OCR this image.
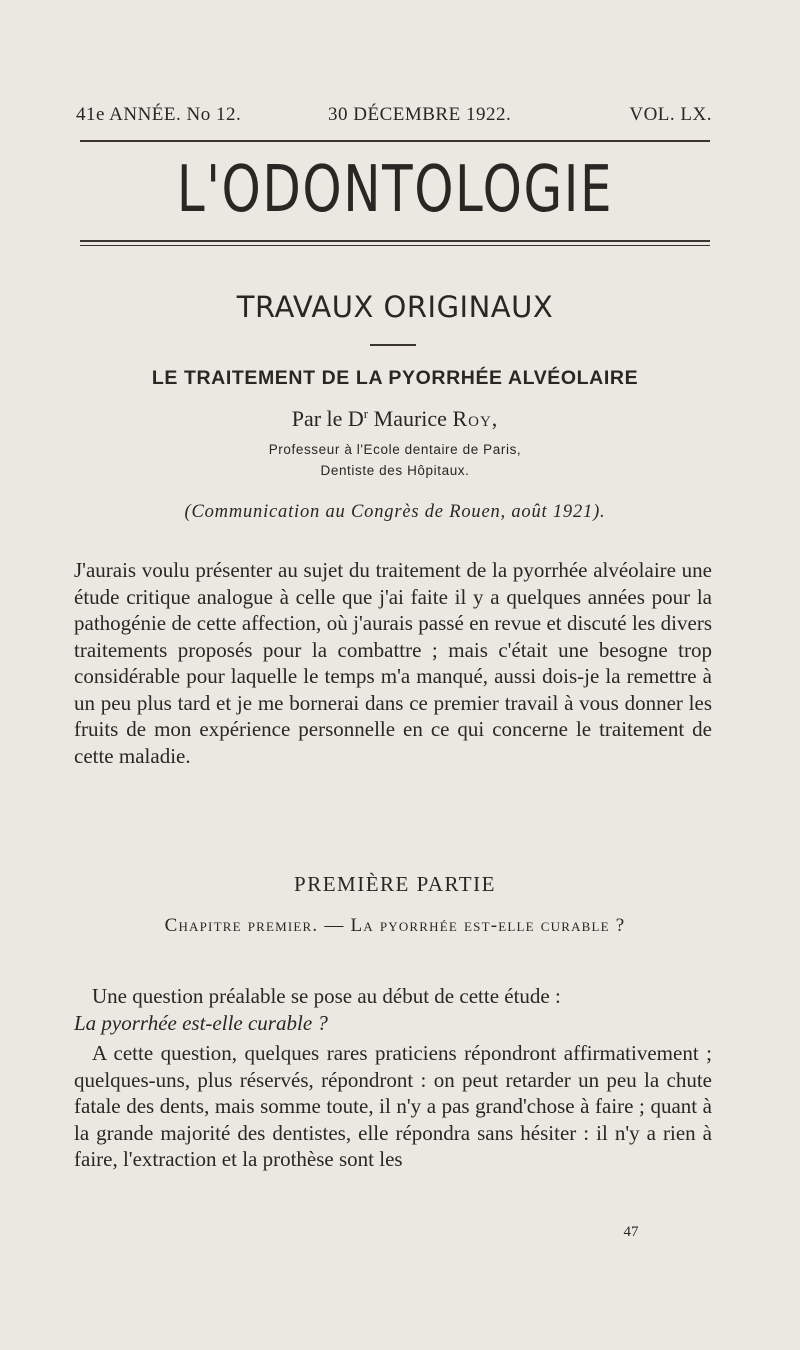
41e ANNÉE. No 12.	30 DÉCEMBRE 1922.	VOL. LX.
L'ODONTOLOGIE
TRAVAUX ORIGINAUX
LE TRAITEMENT DE LA PYORRHÉE ALVÉOLAIRE
Par le $D^r$ Maurice Roy,
Professeur à l'Ecole dentaire de Paris,
Dentiste des Hôpitaux.
(Communication au Congrès de Rouen, août 1921).
J'aurais voulu présenter au sujet du traitement de la pyorrhée alvéolaire une étude critique analogue à celle que j'ai faite il y a quelques années pour la pathogénie de cette affection, où j'aurais passé en revue et discuté les divers traitements proposés pour la combattre ; mais c'était une besogne trop considérable pour laquelle le temps m'a manqué, aussi dois-je la remettre à un peu plus tard et je me bornerai dans ce premier travail à vous donner les fruits de mon expérience personnelle en ce qui concerne le traitement de cette maladie.
PREMIÈRE PARTIE
Chapitre premier. — La pyorrhée est-elle curable ?
Une question préalable se pose au début de cette étude :
La pyorrhée est-elle curable ?
A cette question, quelques rares praticiens répondront affirmativement ; quelques-uns, plus réservés, répondront : on peut retarder un peu la chute fatale des dents, mais somme toute, il n'y a pas grand'chose à faire ; quant à la grande majorité des dentistes, elle répondra sans hésiter : il n'y a rien à faire, l'extraction et la prothèse sont les
47
